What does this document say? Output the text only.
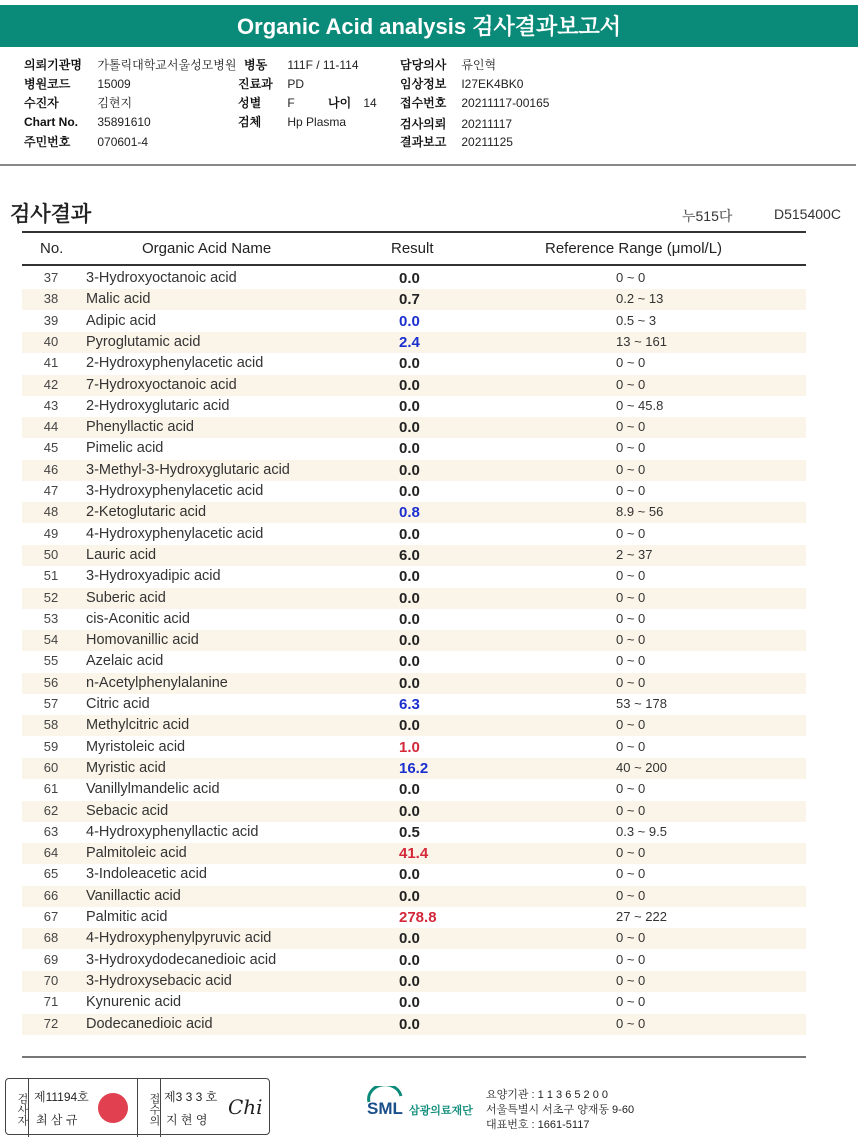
Organic Acid analysis 검사결과보고서
의뢰기관명 가톨릭대학교서울성모병원 병동 111F / 11-114	담당의사 류인혁
병원코드 15009	진료과 PD	임상정보 I27EK4BK0
수진자	김현지	성별 F	나이 14 접수번호 20211117-00165
Chart No. 35891610	검체 Hp Plasma	검사의뢰 20211117
주민번호 070601-4	결과보고 20211125
검사결과	누515다	D515400C
No.	Organic Acid Name	Result	Reference Range (μmol/L)
37	3-Hydroxyoctanoic acid	0.0	0 ~ 0
38	Malic acid	0.7	0.2 ~ 13
39	Adipic acid	0.0	0.5 ~ 3
40	Pyroglutamic acid	2.4	13 ~ 161
41	2-Hydroxyphenylacetic acid	0.0	0 ~ 0
42	7-Hydroxyoctanoic acid	0.0	0 ~ 0
43	2-Hydroxyglutaric acid	0.0	0 ~ 45.8
44	Phenyllactic acid	0.0	0 ~ 0
45	Pimelic acid	0.0	0 ~ 0
46	3-Methyl-3-Hydroxyglutaric acid	0.0	0 ~ 0
47	3-Hydroxyphenylacetic acid	0.0	0 ~ 0
48	2-Ketoglutaric acid	0.8	8.9 ~ 56
49	4-Hydroxyphenylacetic acid	0.0	0 ~ 0
50	Lauric acid	6.0	2 ~ 37
51	3-Hydroxyadipic acid	0.0	0 ~ 0
52	Suberic acid	0.0	0 ~ 0
53	cis-Aconitic acid	0.0	0 ~ 0
54	Homovanillic acid	0.0	0 ~ 0
55	Azelaic acid	0.0	0 ~ 0
56	n-Acetylphenylalanine	0.0	0 ~ 0
57	Citric acid	6.3	53 ~ 178
58	Methylcitric acid	0.0	0 ~ 0
59	Myristoleic acid	1.0	0 ~ 0
60	Myristic acid	16.2	40 ~ 200
61	Vanillylmandelic acid	0.0	0 ~ 0
62	Sebacic acid	0.0	0 ~ 0
63	4-Hydroxyphenyllactic acid	0.5	0.3 ~ 9.5
64	Palmitoleic acid	41.4	0 ~ 0
65	3-Indoleacetic acid	0.0	0 ~ 0
66	Vanillactic acid	0.0	0 ~ 0
67	Palmitic acid	278.8	27 ~ 222
68	4-Hydroxyphenylpyruvic acid	0.0	0 ~ 0
69	3-Hydroxydodecanedioic acid	0.0	0 ~ 0
70	3-Hydroxysebacic acid	0.0	0 ~ 0
71	Kynurenic acid	0.0	0 ~ 0
72	Dodecanedioic acid	0.0	0 ~ 0
검사자 제11194호
최 삼 규	접수의 제3 3 3 호
지 현 영
Chi	SML 삼광의료재단
요양기관 : 1 1 3 6 5 2 0 0
서울특별시 서초구 양재동 9-60
대표번호 : 1661-5117
